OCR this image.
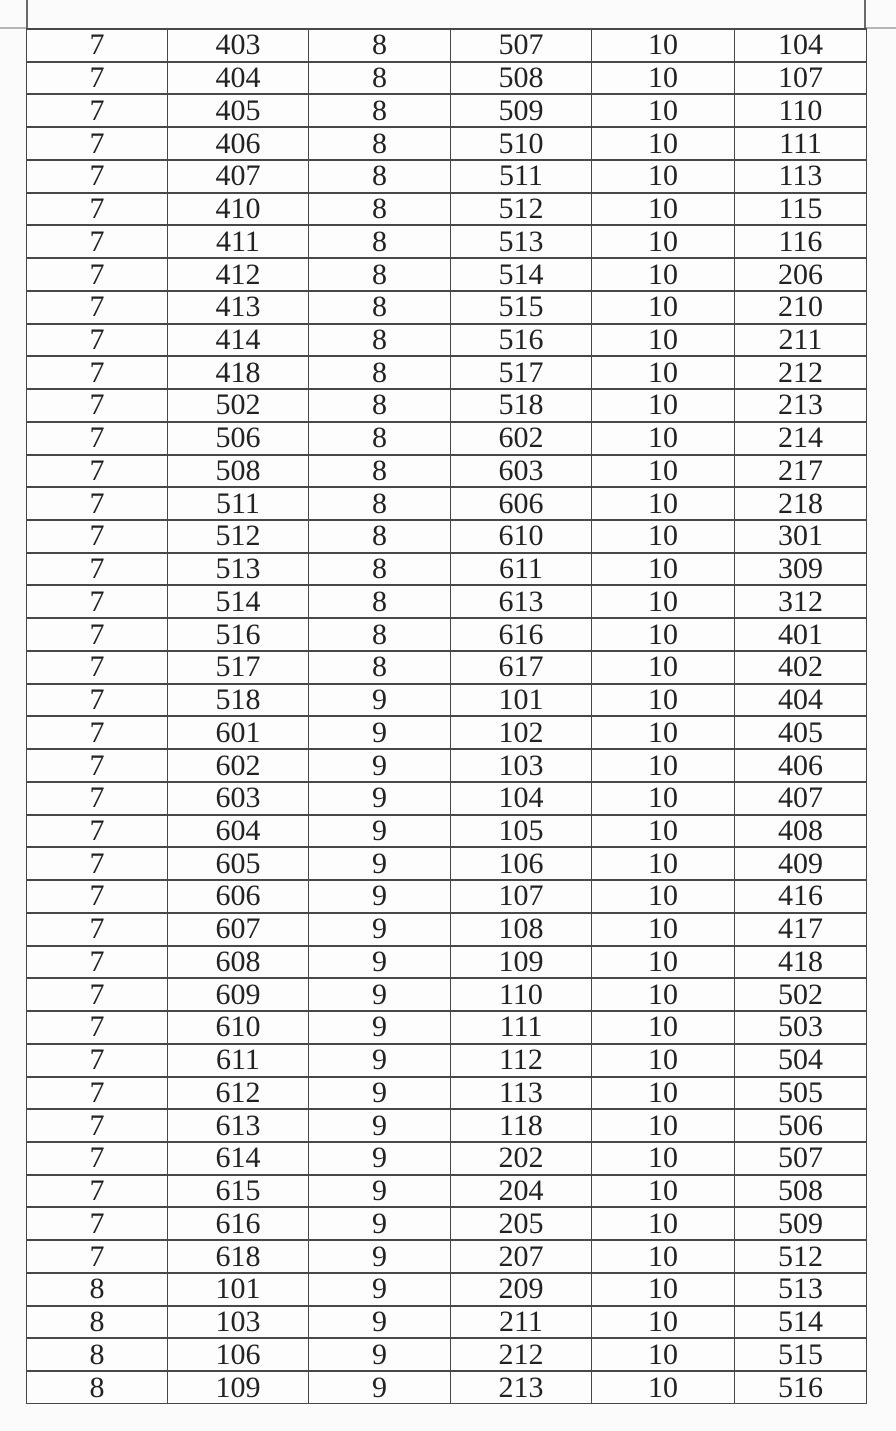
7	403	8	507	10	104
7	404	8	508	10	107
7	405	8	509	10	110
7	406	8	510	10	111
7	407	8	511	10	113
7	410	8	512	10	115
7	411	8	513	10	116
7	412	8	514	10	206
7	413	8	515	10	210
7	414	8	516	10	211
7	418	8	517	10	212
7	502	8	518	10	213
7	506	8	602	10	214
7	508	8	603	10	217
7	511	8	606	10	218
7	512	8	610	10	301
7	513	8	611	10	309
7	514	8	613	10	312
7	516	8	616	10	401
7	517	8	617	10	402
7	518	9	101	10	404
7	601	9	102	10	405
7	602	9	103	10	406
7	603	9	104	10	407
7	604	9	105	10	408
7	605	9	106	10	409
7	606	9	107	10	416
7	607	9	108	10	417
7	608	9	109	10	418
7	609	9	110	10	502
7	610	9	111	10	503
7	611	9	112	10	504
7	612	9	113	10	505
7	613	9	118	10	506
7	614	9	202	10	507
7	615	9	204	10	508
7	616	9	205	10	509
7	618	9	207	10	512
8	101	9	209	10	513
8	103	9	211	10	514
8	106	9	212	10	515
8	109	9	213	10	516
